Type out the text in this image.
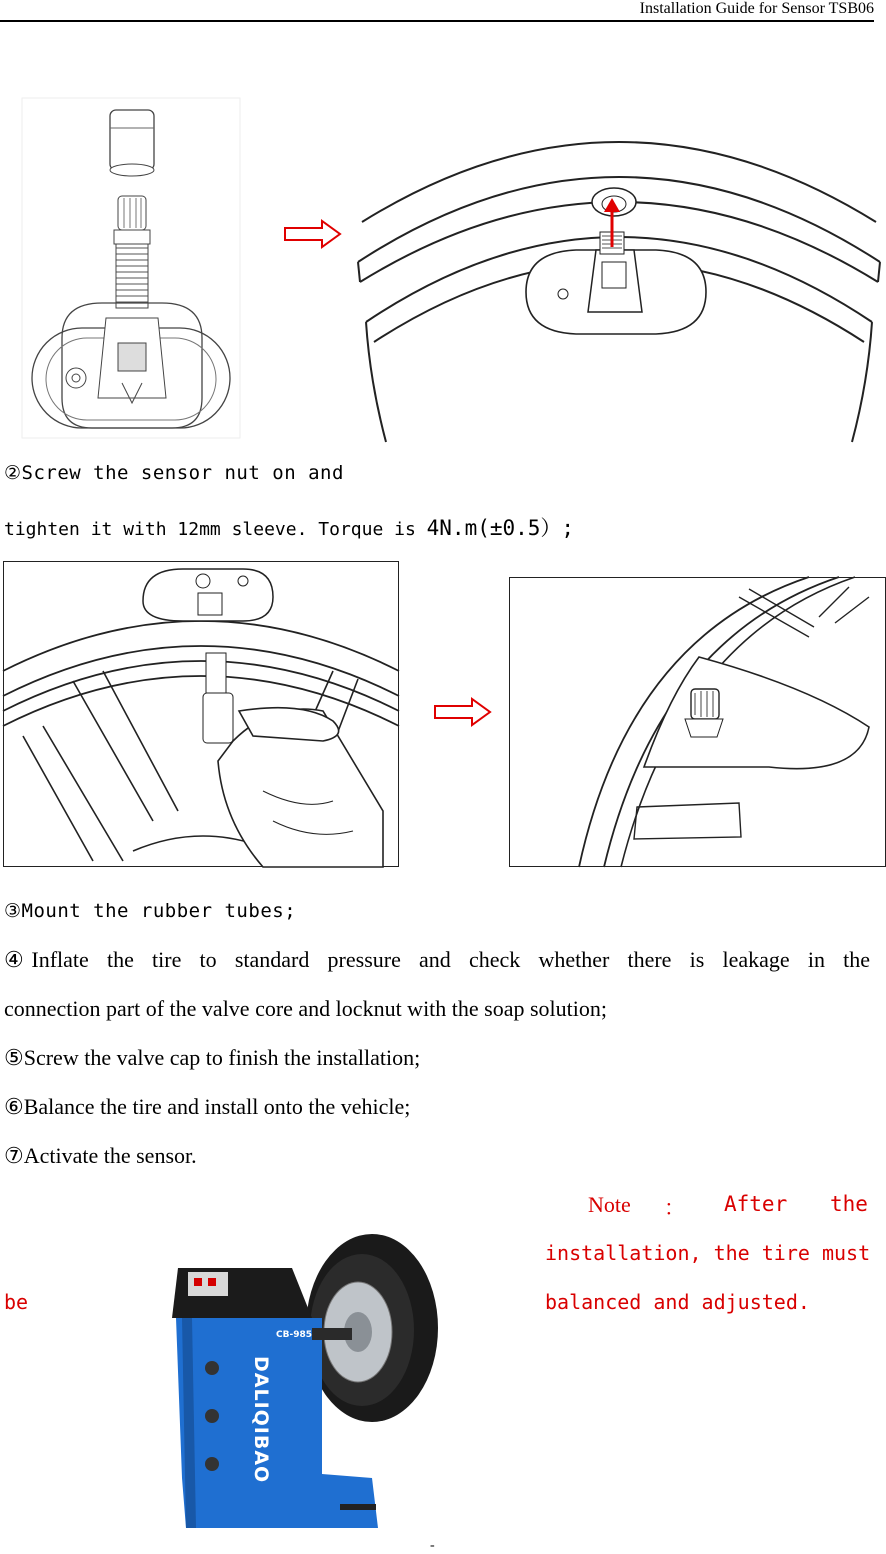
Installation Guide for Sensor TSB06
②Screw the sensor nut on and
tighten it with 12mm sleeve. Torque is 4N.m(±0.5）;
③Mount the rubber tubes;
④Inflate the tire to standard pressure and check whether there is leakage in the
connection part of the valve core and locknut with the soap solution;
⑤Screw the valve cap to finish the installation;
⑥Balance the tire and install onto the vehicle;
⑦Activate the sensor.
Note ： After the
installation, the tire must
be	balanced and adjusted.
DALIQIBAO
CB-985
-
